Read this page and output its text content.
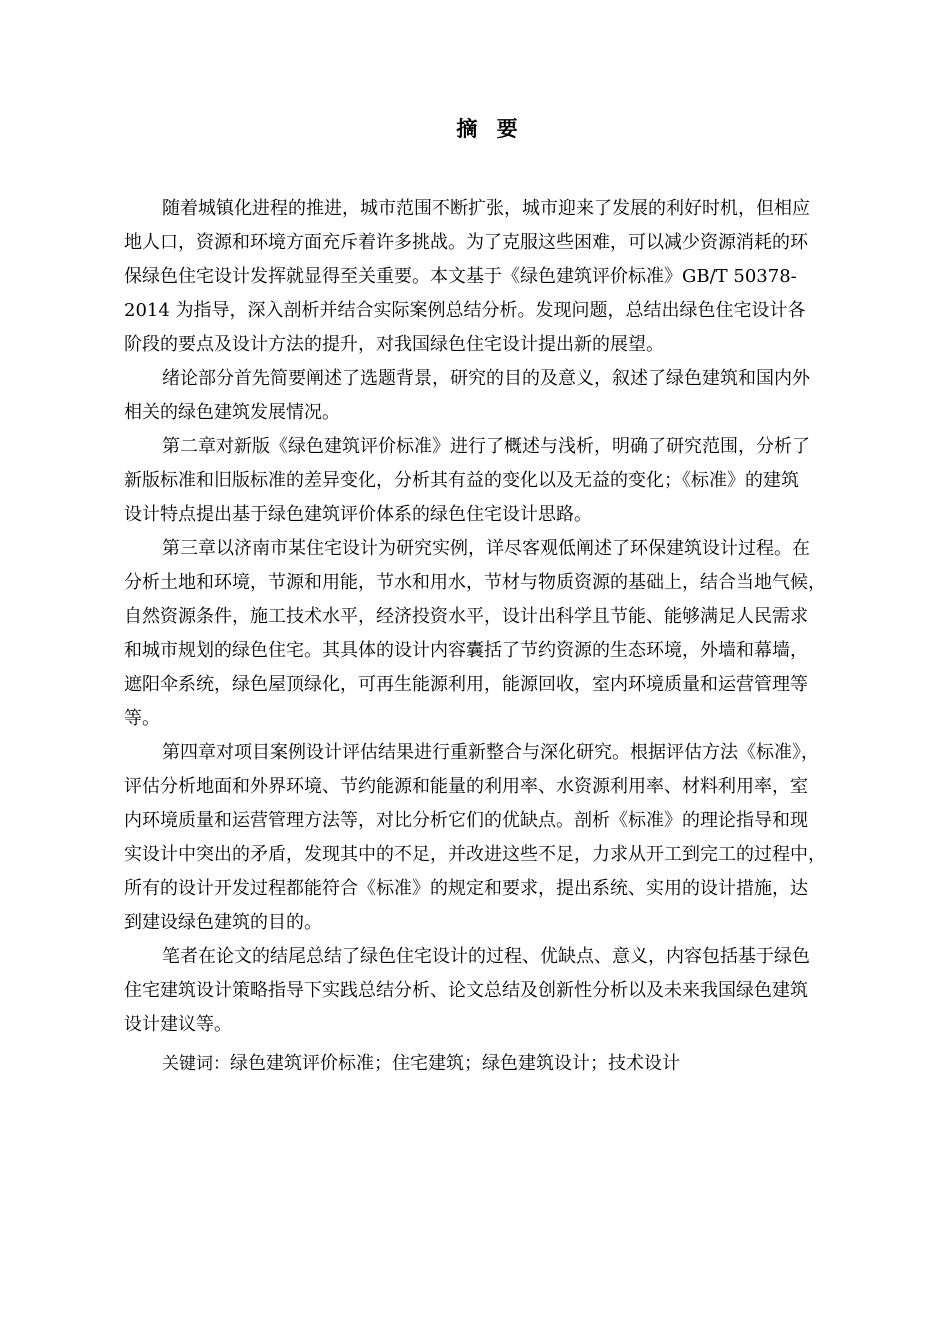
摘 要
随着城镇化进程的推进，城市范围不断扩张，城市迎来了发展的利好时机，但相应
地人口，资源和环境方面充斥着许多挑战。为了克服这些困难，可以减少资源消耗的环
保绿色住宅设计发挥就显得至关重要。本文基于《绿色建筑评价标准》GB/T 50378-
2014 为指导，深入剖析并结合实际案例总结分析。发现问题，总结出绿色住宅设计各
阶段的要点及设计方法的提升，对我国绿色住宅设计提出新的展望。
绪论部分首先简要阐述了选题背景，研究的目的及意义，叙述了绿色建筑和国内外
相关的绿色建筑发展情况。
第二章对新版《绿色建筑评价标准》进行了概述与浅析，明确了研究范围，分析了
新版标准和旧版标准的差异变化，分析其有益的变化以及无益的变化；《标准》的建筑
设计特点提出基于绿色建筑评价体系的绿色住宅设计思路。
第三章以济南市某住宅设计为研究实例，详尽客观低阐述了环保建筑设计过程。在
分析土地和环境，节源和用能，节水和用水，节材与物质资源的基础上，结合当地气候，
自然资源条件，施工技术水平，经济投资水平，设计出科学且节能、能够满足人民需求
和城市规划的绿色住宅。其具体的设计内容囊括了节约资源的生态环境，外墙和幕墙，
遮阳伞系统，绿色屋顶绿化，可再生能源利用，能源回收，室内环境质量和运营管理等
等。
第四章对项目案例设计评估结果进行重新整合与深化研究。根据评估方法《标准》，
评估分析地面和外界环境、节约能源和能量的利用率、水资源利用率、材料利用率，室
内环境质量和运营管理方法等，对比分析它们的优缺点。剖析《标准》的理论指导和现
实设计中突出的矛盾，发现其中的不足，并改进这些不足，力求从开工到完工的过程中，
所有的设计开发过程都能符合《标准》的规定和要求，提出系统、实用的设计措施，达
到建设绿色建筑的目的。
笔者在论文的结尾总结了绿色住宅设计的过程、优缺点、意义，内容包括基于绿色
住宅建筑设计策略指导下实践总结分析、论文总结及创新性分析以及未来我国绿色建筑
设计建议等。
关键词：绿色建筑评价标准；住宅建筑；绿色建筑设计；技术设计
